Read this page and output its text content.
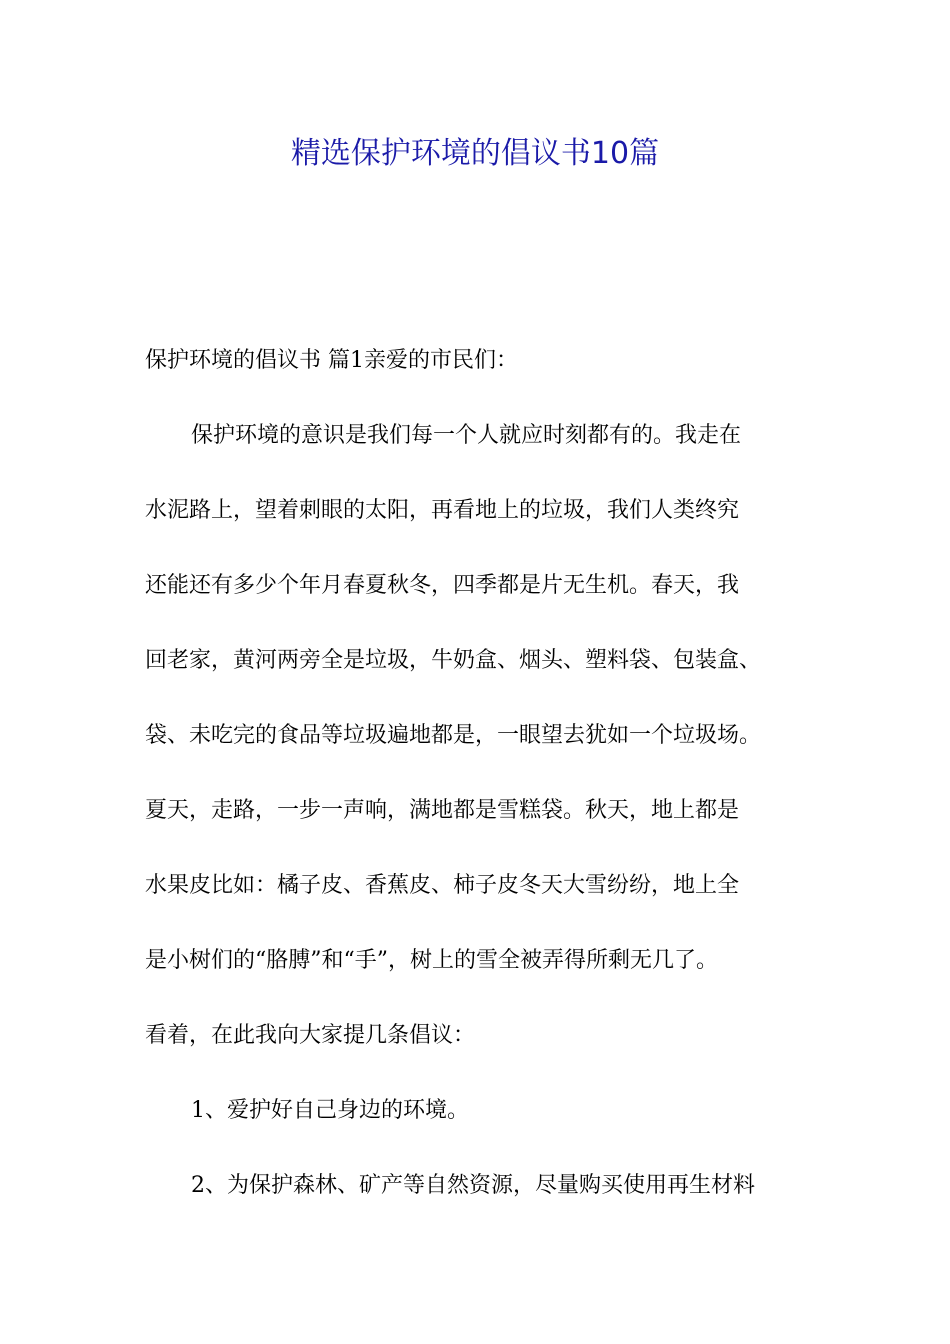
精选保护环境的倡议书10篇
保护环境的倡议书 篇1亲爱的市民们：
保护环境的意识是我们每一个人就应时刻都有的。我走在
水泥路上，望着刺眼的太阳，再看地上的垃圾，我们人类终究
还能还有多少个年月春夏秋冬，四季都是片无生机。春天，我
回老家，黄河两旁全是垃圾，牛奶盒、烟头、塑料袋、包装盒、
袋、未吃完的食品等垃圾遍地都是，一眼望去犹如一个垃圾场。
夏天，走路，一步一声响，满地都是雪糕袋。秋天，地上都是
水果皮比如：橘子皮、香蕉皮、柿子皮冬天大雪纷纷，地上全
是小树们的“胳膊”和“手”，树上的雪全被弄得所剩无几了。
看着，在此我向大家提几条倡议：
1、爱护好自己身边的环境。
2、为保护森林、矿产等自然资源，尽量购买使用再生材料
